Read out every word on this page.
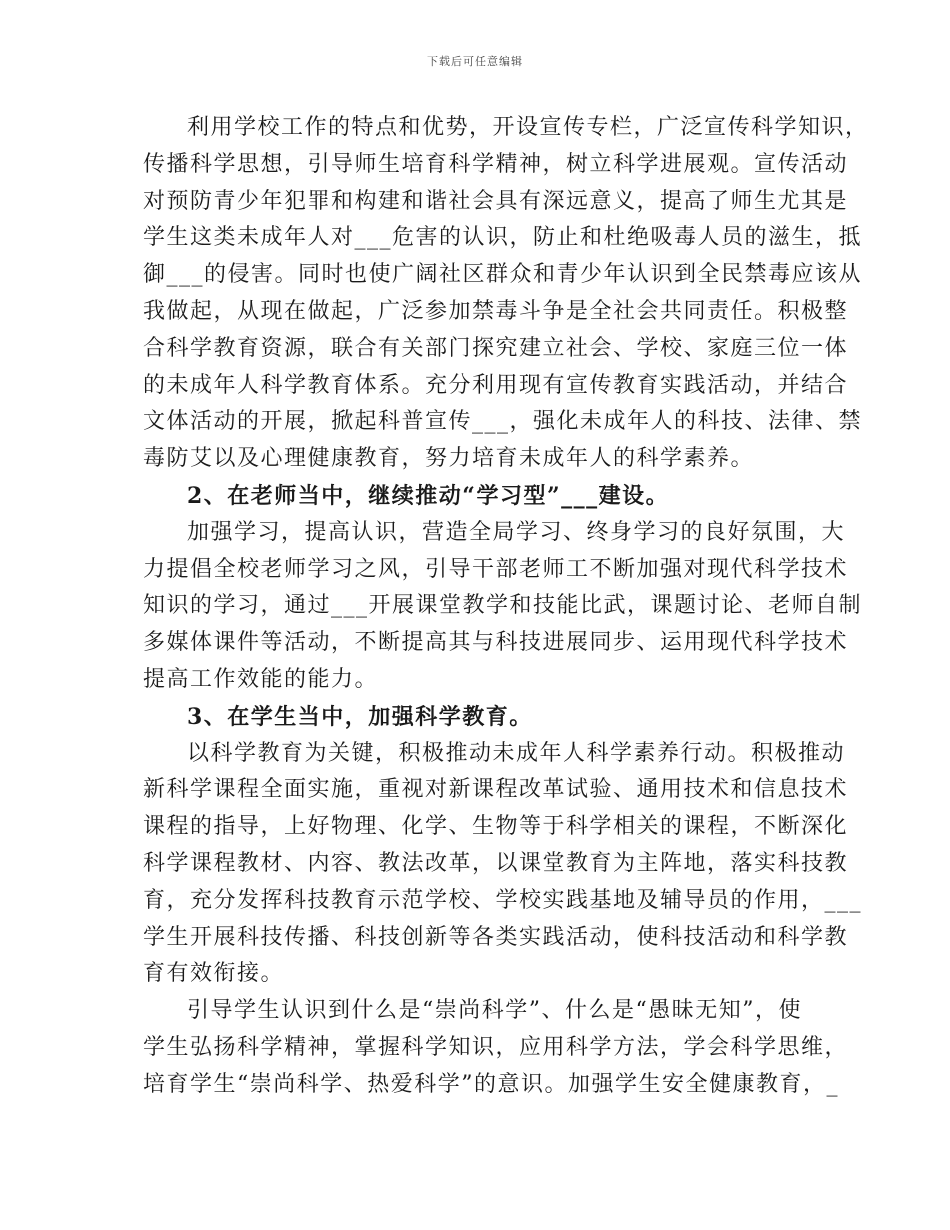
下载后可任意编辑
利用学校工作的特点和优势，开设宣传专栏，广泛宣传科学知识，
传播科学思想，引导师生培育科学精神，树立科学进展观。宣传活动
对预防青少年犯罪和构建和谐社会具有深远意义，提高了师生尤其是
学生这类未成年人对___危害的认识，防止和杜绝吸毒人员的滋生，抵
御___的侵害。同时也使广阔社区群众和青少年认识到全民禁毒应该从
我做起，从现在做起，广泛参加禁毒斗争是全社会共同责任。积极整
合科学教育资源，联合有关部门探究建立社会、学校、家庭三位一体
的未成年人科学教育体系。充分利用现有宣传教育实践活动，并结合
文体活动的开展，掀起科普宣传___，强化未成年人的科技、法律、禁
毒防艾以及心理健康教育，努力培育未成年人的科学素养。
2、在老师当中，继续推动“学习型”___建设。
加强学习，提高认识，营造全局学习、终身学习的良好氛围，大
力提倡全校老师学习之风，引导干部老师工不断加强对现代科学技术
知识的学习，通过___开展课堂教学和技能比武，课题讨论、老师自制
多媒体课件等活动，不断提高其与科技进展同步、运用现代科学技术
提高工作效能的能力。
3、在学生当中，加强科学教育。
以科学教育为关键，积极推动未成年人科学素养行动。积极推动
新科学课程全面实施，重视对新课程改革试验、通用技术和信息技术
课程的指导，上好物理、化学、生物等于科学相关的课程，不断深化
科学课程教材、内容、教法改革，以课堂教育为主阵地，落实科技教
育，充分发挥科技教育示范学校、学校实践基地及辅导员的作用，___
学生开展科技传播、科技创新等各类实践活动，使科技活动和科学教
育有效衔接。
引导学生认识到什么是“崇尚科学”、什么是“愚昧无知”，使
学生弘扬科学精神，掌握科学知识，应用科学方法，学会科学思维，
培育学生“崇尚科学、热爱科学”的意识。加强学生安全健康教育，_
